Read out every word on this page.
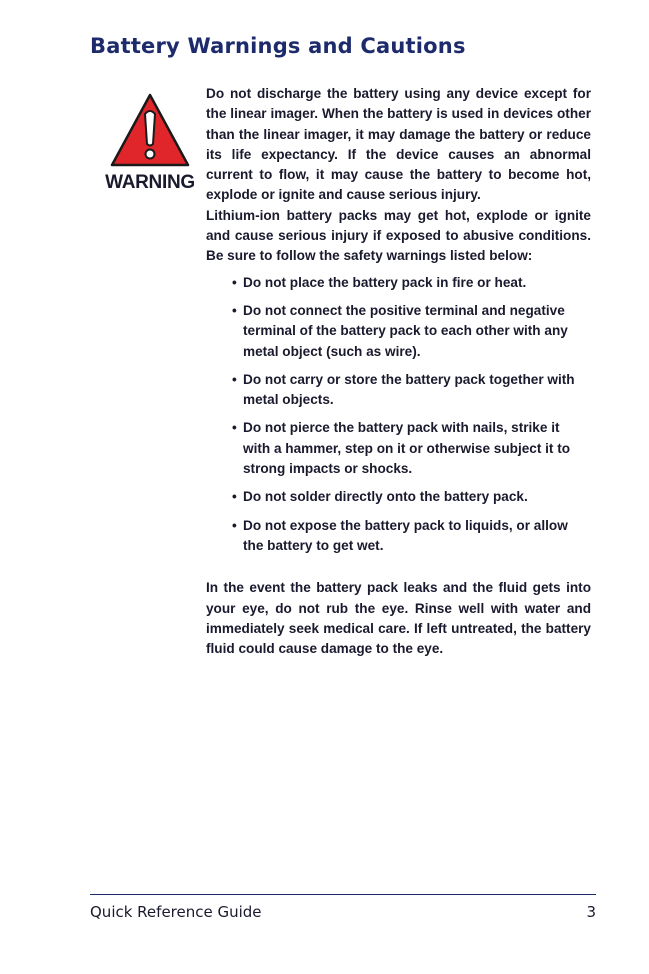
Battery Warnings and Cautions
WARNING

Do not discharge the battery using any device except for the linear imager. When the battery is used in devices other than the linear imager, it may damage the battery or reduce its life expectancy. If the device causes an abnormal current to flow, it may cause the battery to become hot, explode or ignite and cause serious injury.

Lithium-ion battery packs may get hot, explode or ignite and cause serious injury if exposed to abusive conditions. Be sure to follow the safety warnings listed below:

• Do not place the battery pack in fire or heat.
• Do not connect the positive terminal and negative terminal of the battery pack to each other with any metal object (such as wire).
• Do not carry or store the battery pack together with metal objects.
• Do not pierce the battery pack with nails, strike it with a hammer, step on it or otherwise subject it to strong impacts or shocks.
• Do not solder directly onto the battery pack.
• Do not expose the battery pack to liquids, or allow the battery to get wet.

In the event the battery pack leaks and the fluid gets into your eye, do not rub the eye. Rinse well with water and immediately seek medical care. If left untreated, the battery fluid could cause damage to the eye.

Quick Reference Guide	3
